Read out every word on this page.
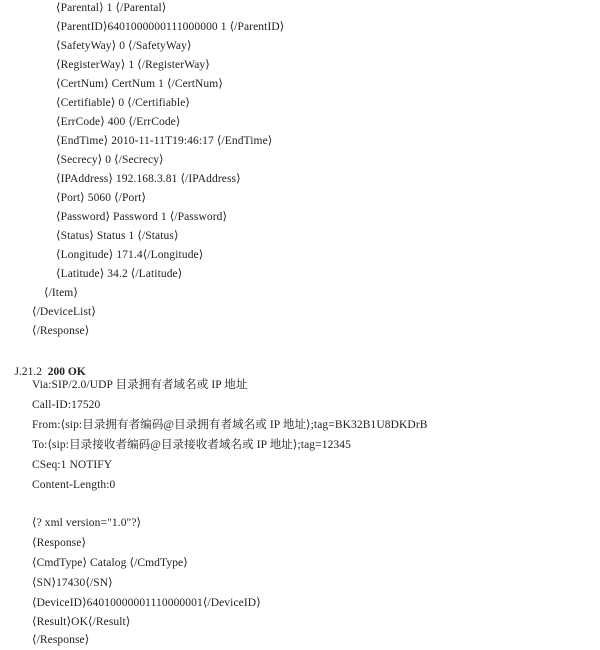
⟨Parental⟩ 1 ⟨/Parental⟩
⟨ParentID⟩6401000000111000000 1 ⟨/ParentID⟩
⟨SafetyWay⟩ 0 ⟨/SafetyWay⟩
⟨RegisterWay⟩ 1 ⟨/RegisterWay⟩
⟨CertNum⟩ CertNum 1 ⟨/CertNum⟩
⟨Certifiable⟩ 0 ⟨/Certifiable⟩
⟨ErrCode⟩ 400 ⟨/ErrCode⟩
⟨EndTime⟩ 2010-11-11T19:46:17 ⟨/EndTime⟩
⟨Secrecy⟩ 0 ⟨/Secrecy⟩
⟨IPAddress⟩ 192.168.3.81 ⟨/IPAddress⟩
⟨Port⟩ 5060 ⟨/Port⟩
⟨Password⟩ Password 1 ⟨/Password⟩
⟨Status⟩ Status 1 ⟨/Status⟩
⟨Longitude⟩ 171.4⟨/Longitude⟩
⟨Latitude⟩ 34.2 ⟨/Latitude⟩
⟨/Item⟩
⟨/DeviceList⟩
⟨/Response⟩

J.21.2 200 OK

Via:SIP/2.0/UDP 目录拥有者域名或 IP 地址
Call-ID:17520
From:⟨sip:目录拥有者编码@目录拥有者域名或 IP 地址⟩;tag=BK32B1U8DKDrB
To:⟨sip:目录接收者编码@目录接收者域名或 IP 地址⟩;tag=12345
CSeq:1 NOTIFY
Content-Length:0
⟨? xml version="1.0"?⟩
⟨Response⟩
⟨CmdType⟩ Catalog ⟨/CmdType⟩
⟨SN⟩17430⟨/SN⟩
⟨DeviceID⟩64010000001110000001⟨/DeviceID⟩
⟨Result⟩OK⟨/Result⟩
⟨/Response⟩
